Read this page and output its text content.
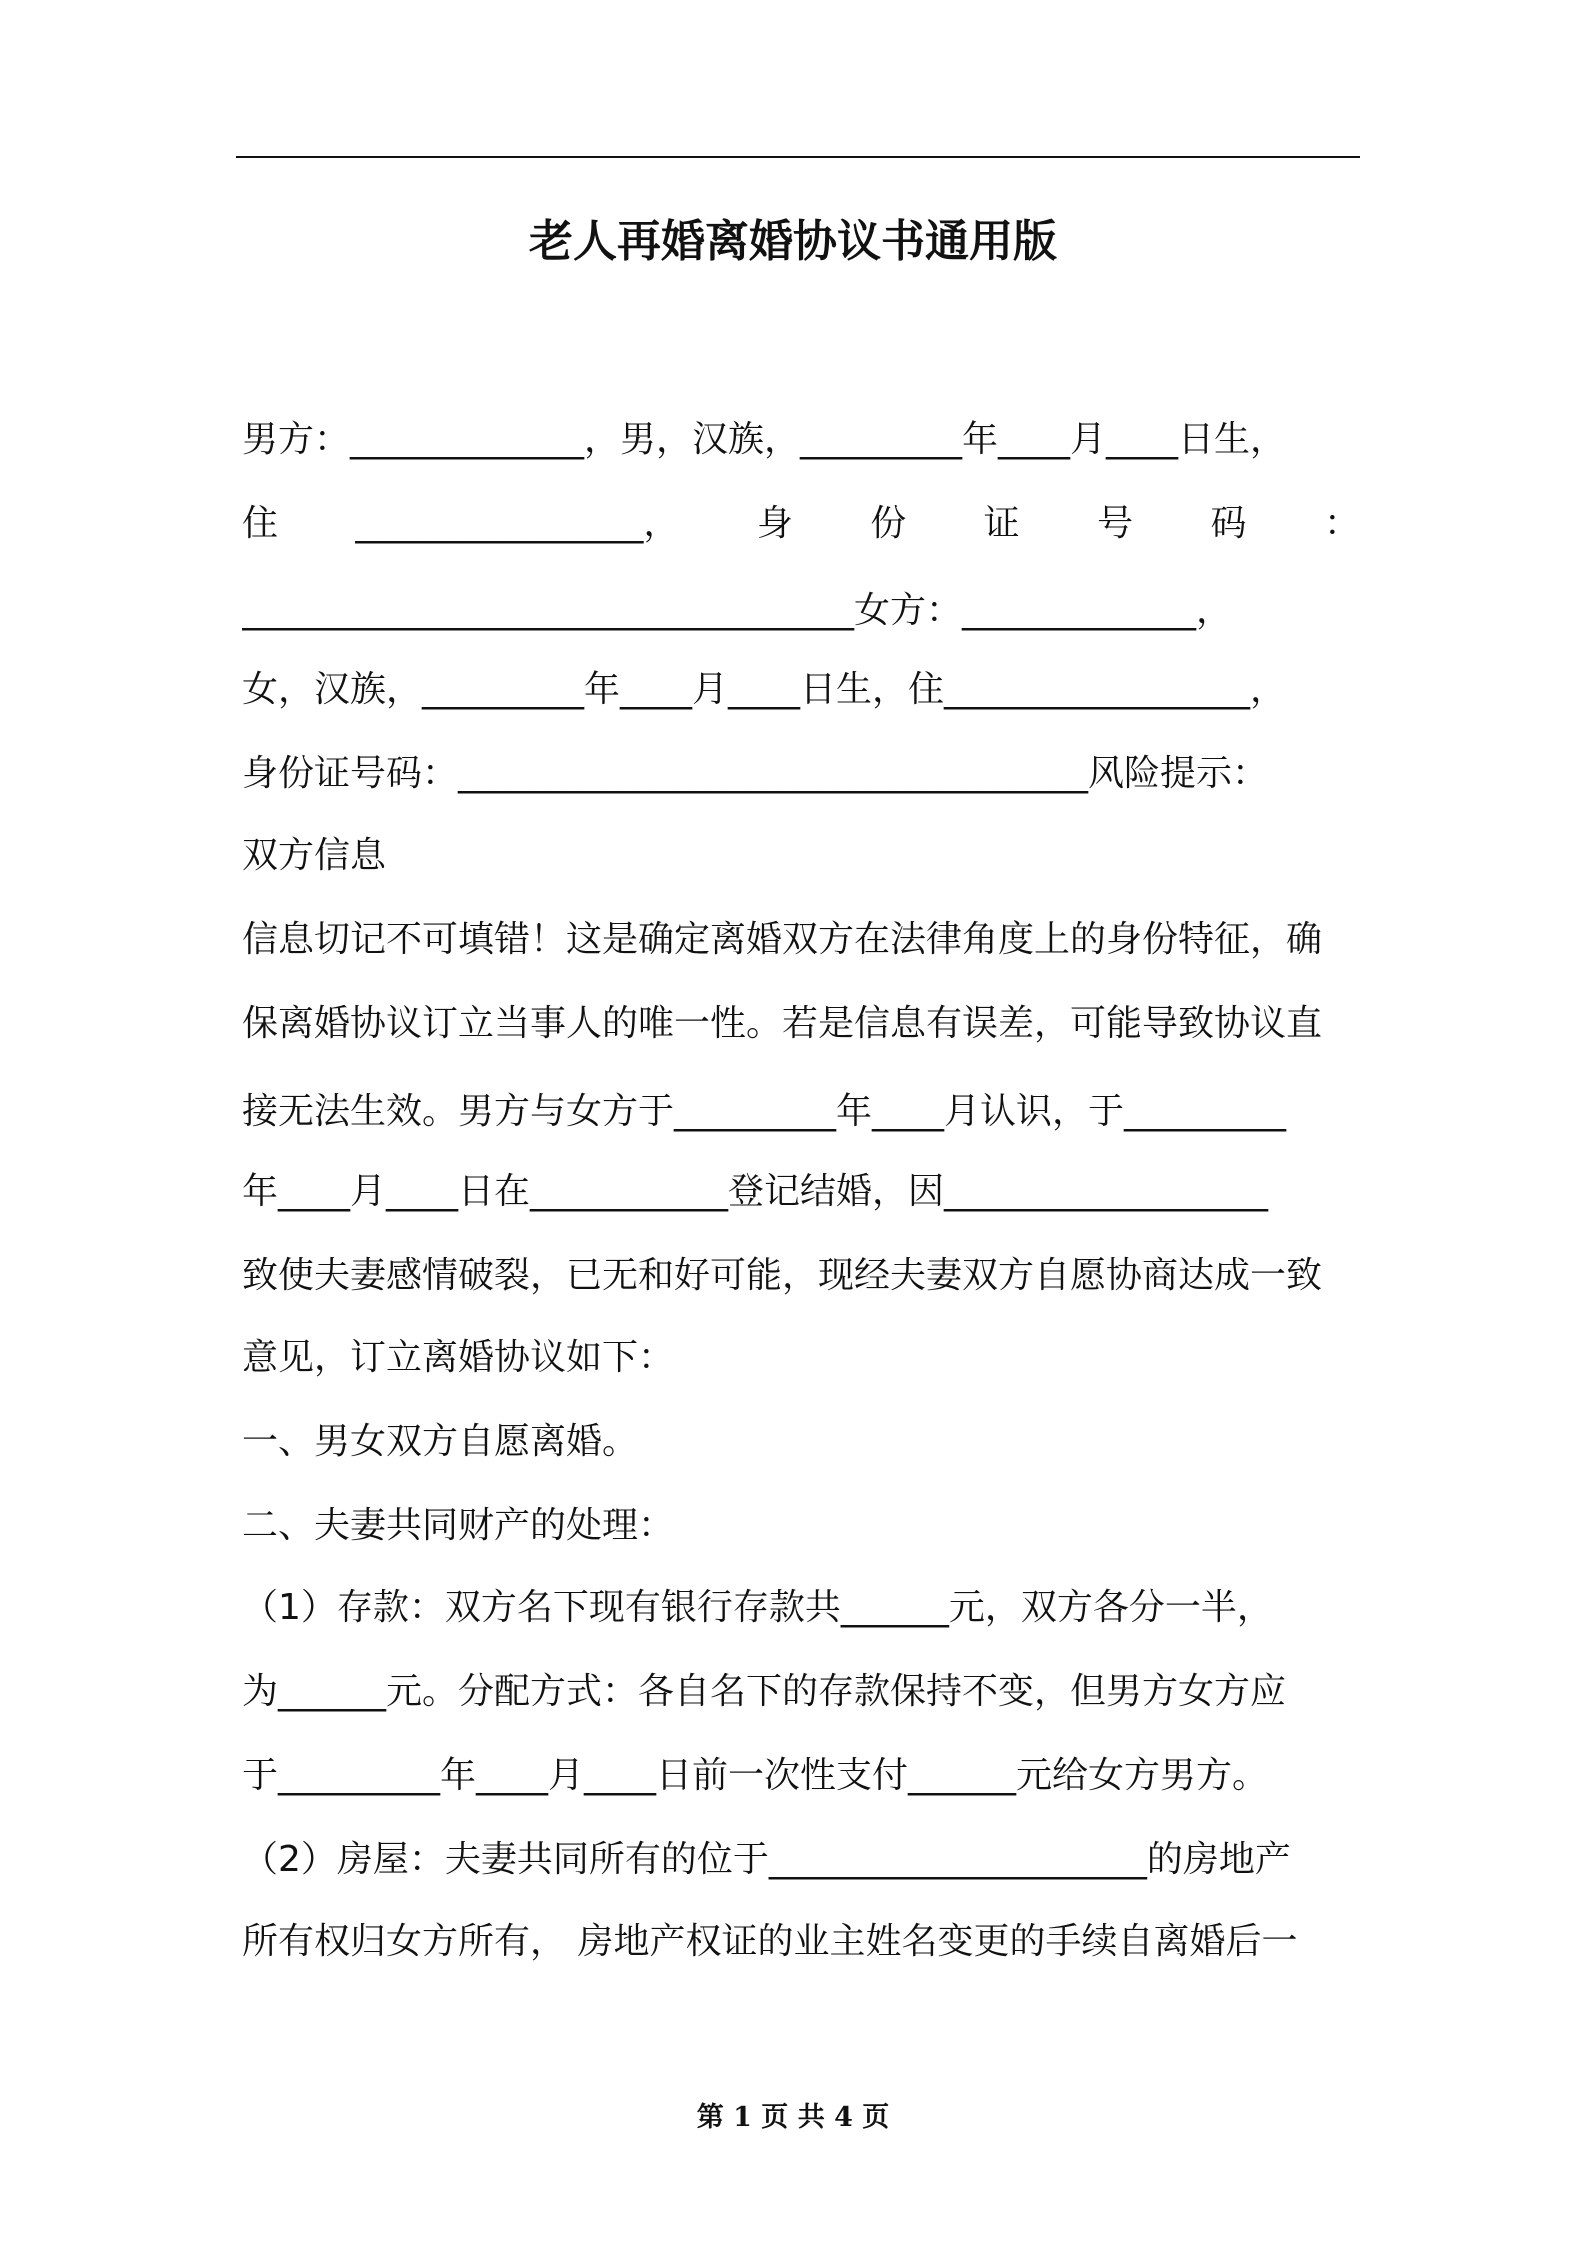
老人再婚离婚协议书通用版
男方：_____________，男，汉族，_________年____月____日生，
住 ________________， 身 份 证 号 码 ：
__________________________________女方：_____________，
女，汉族，_________年____月____日生，住_________________，
身份证号码：___________________________________风险提示：
双方信息
信息切记不可填错！这是确定离婚双方在法律角度上的身份特征，确
保离婚协议订立当事人的唯一性。若是信息有误差，可能导致协议直
接无法生效。男方与女方于_________年____月认识，于_________
年____月____日在___________登记结婚，因__________________
致使夫妻感情破裂，已无和好可能，现经夫妻双方自愿协商达成一致
意见，订立离婚协议如下：
一、男女双方自愿离婚。
二、夫妻共同财产的处理：
（1）存款：双方名下现有银行存款共______元，双方各分一半，
为______元。分配方式：各自名下的存款保持不变，但男方女方应
于_________年____月____日前一次性支付______元给女方男方。
（2）房屋：夫妻共同所有的位于_____________________的房地产
所有权归女方所有， 房地产权证的业主姓名变更的手续自离婚后一
第 1 页 共 4 页
